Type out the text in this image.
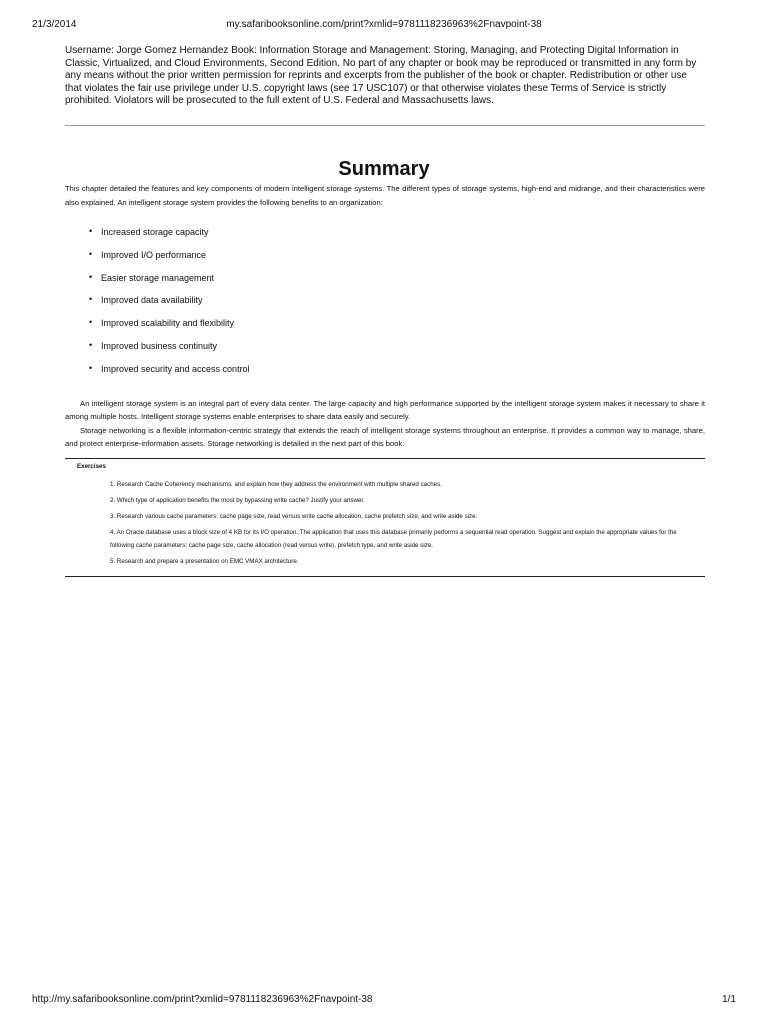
21/3/2014	my.safaribooksonline.com/print?xmlid=9781118236963%2Fnavpoint-38

Username: Jorge Gomez Hernandez Book: Information Storage and Management: Storing, Managing, and Protecting Digital Information in Classic, Virtualized, and Cloud Environments, Second Edition. No part of any chapter or book may be reproduced or transmitted in any form by any means without the prior written permission for reprints and excerpts from the publisher of the book or chapter. Redistribution or other use that violates the fair use privilege under U.S. copyright laws (see 17 USC107) or that otherwise violates these Terms of Service is strictly prohibited. Violators will be prosecuted to the full extent of U.S. Federal and Massachusetts laws.

Summary

This chapter detailed the features and key components of modern intelligent storage systems. The different types of storage systems, high-end and midrange, and their characteristics were also explained. An intelligent storage system provides the following benefits to an organization:

• Increased storage capacity
• Improved I/O performance
• Easier storage management
• Improved data availability
• Improved scalability and flexibility
• Improved business continuity
• Improved security and access control

An intelligent storage system is an integral part of every data center. The large capacity and high performance supported by the intelligent storage system makes it necessary to share it among multiple hosts. Intelligent storage systems enable enterprises to share data easily and securely.

Storage networking is a flexible information-centric strategy that extends the reach of intelligent storage systems throughout an enterprise. It provides a common way to manage, share, and protect enterprise-information assets. Storage networking is detailed in the next part of this book.

Exercises
1. Research Cache Coherency mechanisms, and explain how they address the environment with multiple shared caches.
2. Which type of application benefits the most by bypassing write cache? Justify your answer.
3. Research various cache parameters: cache page size, read versus write cache allocation, cache prefetch size, and write aside size.
4. An Oracle database uses a block size of 4 KB for its I/O operation. The application that uses this database primarily performs a sequential read operation. Suggest and explain the appropriate values for the following cache parameters: cache page size, cache allocation (read versus write), prefetch type, and write aside size.
5. Research and prepare a presentation on EMC VMAX architecture.
http://my.safaribooksonline.com/print?xmlid=9781118236963%2Fnavpoint-38	1/1
